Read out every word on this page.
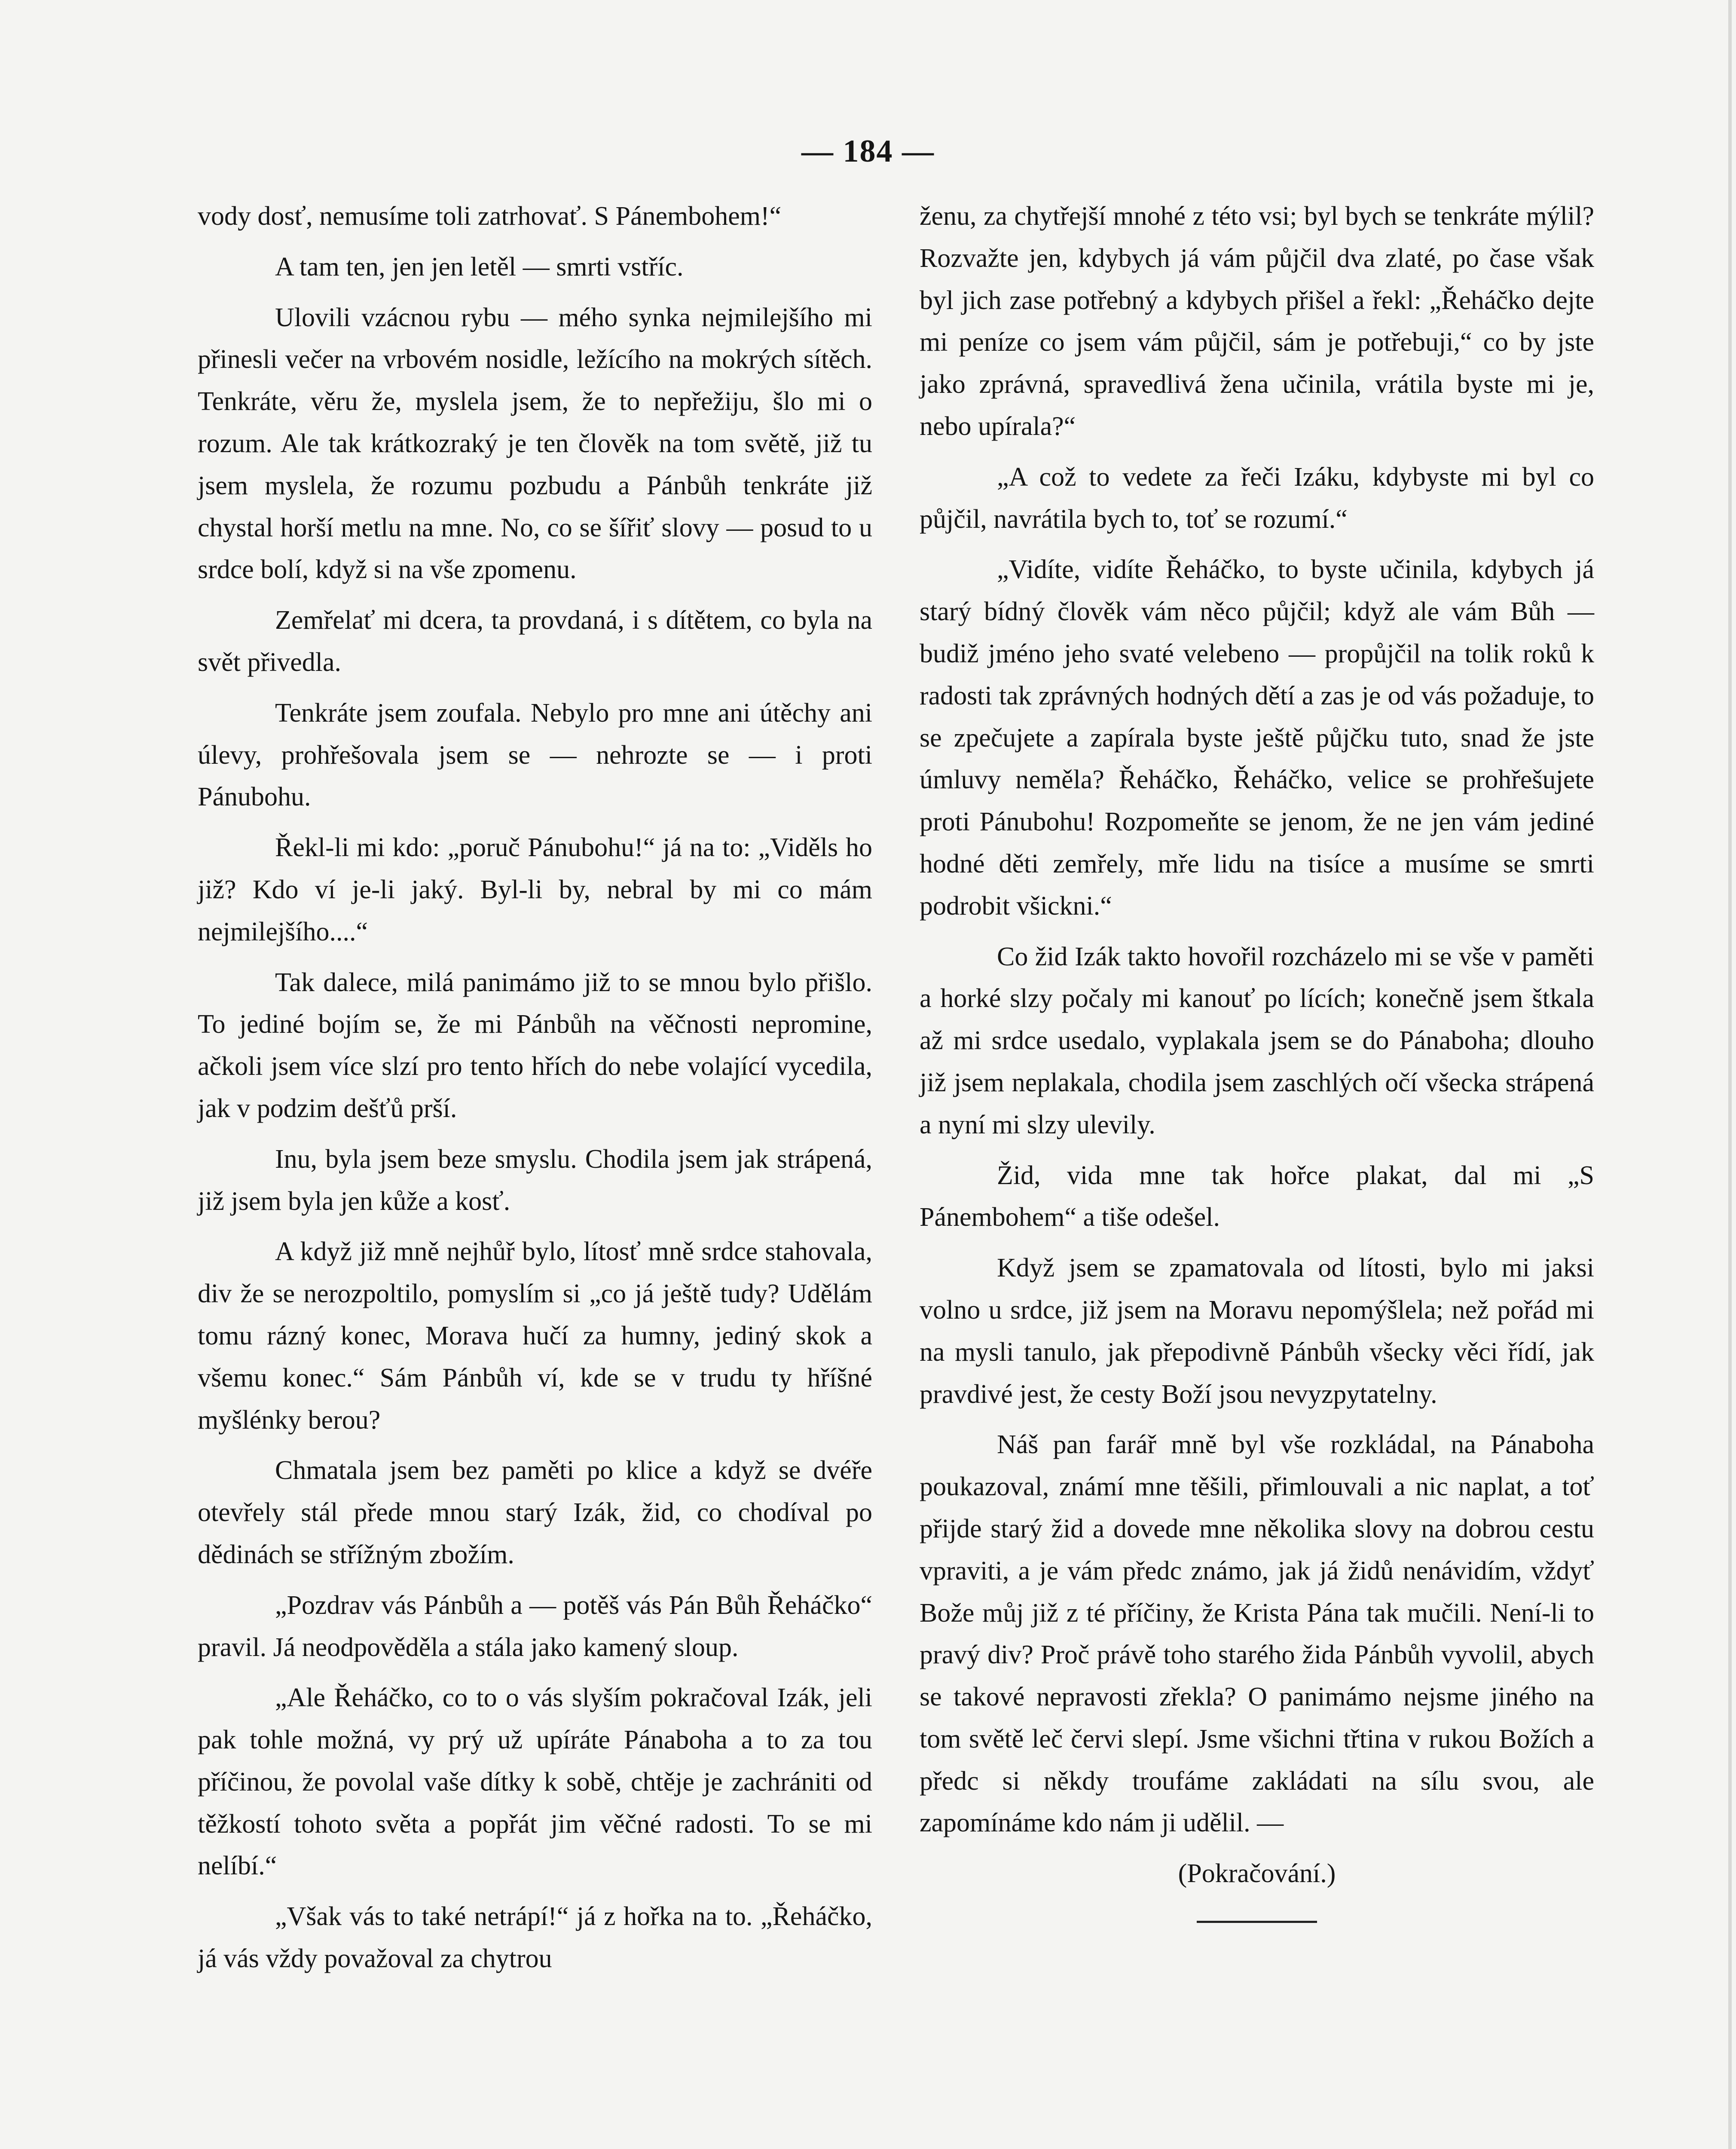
— 184 —

vody dosť, nemusíme toli zatrhovať. S Pánembohem!“

A tam ten, jen jen letěl — smrti vstříc.

Ulovili vzácnou rybu — mého synka nejmilejšího mi přinesli večer na vrbovém nosidle, ležícího na mokrých sítěch. Tenkráte, věru že, myslela jsem, že to nepřežiju, šlo mi o rozum. Ale tak krátkozraký je ten člověk na tom světě, již tu jsem myslela, že rozumu pozbudu a Pánbůh tenkráte již chystal horší metlu na mne. No, co se šířiť slovy — posud to u srdce bolí, když si na vše zpomenu.

Zemřelať mi dcera, ta provdaná, i s dítětem, co byla na svět přivedla.

Tenkráte jsem zoufala. Nebylo pro mne ani útěchy ani úlevy, prohřešovala jsem se — nehrozte se — i proti Pánubohu.

Řekl-li mi kdo: „poruč Pánubohu!“ já na to: „Viděls ho již? Kdo ví je-li jaký. Byl-li by, nebral by mi co mám nejmilejšího....“

Tak dalece, milá panimámo již to se mnou bylo přišlo. To jediné bojím se, že mi Pánbůh na věčnosti nepromine, ačkoli jsem více slzí pro tento hřích do nebe volající vycedila, jak v podzim dešťů prší.

Inu, byla jsem beze smyslu. Chodila jsem jak strápená, již jsem byla jen kůže a kosť.

A když již mně nejhůř bylo, lítosť mně srdce stahovala, div že se nerozpoltilo, pomyslím si „co já ještě tudy? Udělám tomu rázný konec, Morava hučí za humny, jediný skok a všemu konec.“ Sám Pánbůh ví, kde se v trudu ty hříšné myšlénky berou?

Chmatala jsem bez paměti po klice a když se dvéře otevřely stál přede mnou starý Izák, žid, co chodíval po dědinách se střížným zbožím.

„Pozdrav vás Pánbůh a — potěš vás Pán Bůh Řeháčko“ pravil. Já neodpověděla a stála jako kamený sloup.

„Ale Řeháčko, co to o vás slyším pokračoval Izák, jeli pak tohle možná, vy prý už upíráte Pánaboha a to za tou příčinou, že povolal vaše dítky k sobě, chtěje je zachrániti od těžkostí tohoto světa a popřát jim věčné radosti. To se mi nelíbí.“

„Však vás to také netrápí!“ já z hořka na to. „Řeháčko, já vás vždy považoval za chytrou

ženu, za chytřejší mnohé z této vsi; byl bych se tenkráte mýlil? Rozvažte jen, kdybych já vám půjčil dva zlaté, po čase však byl jich zase potřebný a kdybych přišel a řekl: „Řeháčko dejte mi peníze co jsem vám půjčil, sám je potřebuji,“ co by jste jako zprávná, spravedlivá žena učinila, vrátila byste mi je, nebo upírala?“

„A což to vedete za řeči Izáku, kdybyste mi byl co půjčil, navrátila bych to, toť se rozumí.“

„Vidíte, vidíte Řeháčko, to byste učinila, kdybych já starý bídný člověk vám něco půjčil; když ale vám Bůh — budiž jméno jeho svaté velebeno — propůjčil na tolik roků k radosti tak zprávných hodných dětí a zas je od vás požaduje, to se zpečujete a zapírala byste ještě půjčku tuto, snad že jste úmluvy neměla? Řeháčko, Řeháčko, velice se prohřešujete proti Pánubohu! Rozpomeňte se jenom, že ne jen vám jediné hodné děti zemřely, mře lidu na tisíce a musíme se smrti podrobit všickni.“

Co žid Izák takto hovořil rozcházelo mi se vše v paměti a horké slzy počaly mi kanouť po lících; konečně jsem štkala až mi srdce usedalo, vyplakala jsem se do Pánaboha; dlouho již jsem neplakala, chodila jsem zaschlých očí všecka strápená a nyní mi slzy ulevily.

Žid, vida mne tak hořce plakat, dal mi „S Pánembohem“ a tiše odešel.

Když jsem se zpamatovala od lítosti, bylo mi jaksi volno u srdce, již jsem na Moravu nepomýšlela; než pořád mi na mysli tanulo, jak přepodivně Pánbůh všecky věci řídí, jak pravdivé jest, že cesty Boží jsou nevyzpytatelny.

Náš pan farář mně byl vše rozkládal, na Pánaboha poukazoval, známí mne těšili, přimlouvali a nic naplat, a toť přijde starý žid a dovede mne několika slovy na dobrou cestu vpraviti, a je vám předc známo, jak já židů nenávidím, vždyť Bože můj již z té příčiny, že Krista Pána tak mučili. Není-li to pravý div? Proč právě toho starého žida Pánbůh vyvolil, abych se takové nepravosti zřekla? O panimámo nejsme jiného na tom světě leč červi slepí. Jsme všichni třtina v rukou Božích a předc si někdy troufáme zakládati na sílu svou, ale zapomínáme kdo nám ji udělil. —

(Pokračování.)
